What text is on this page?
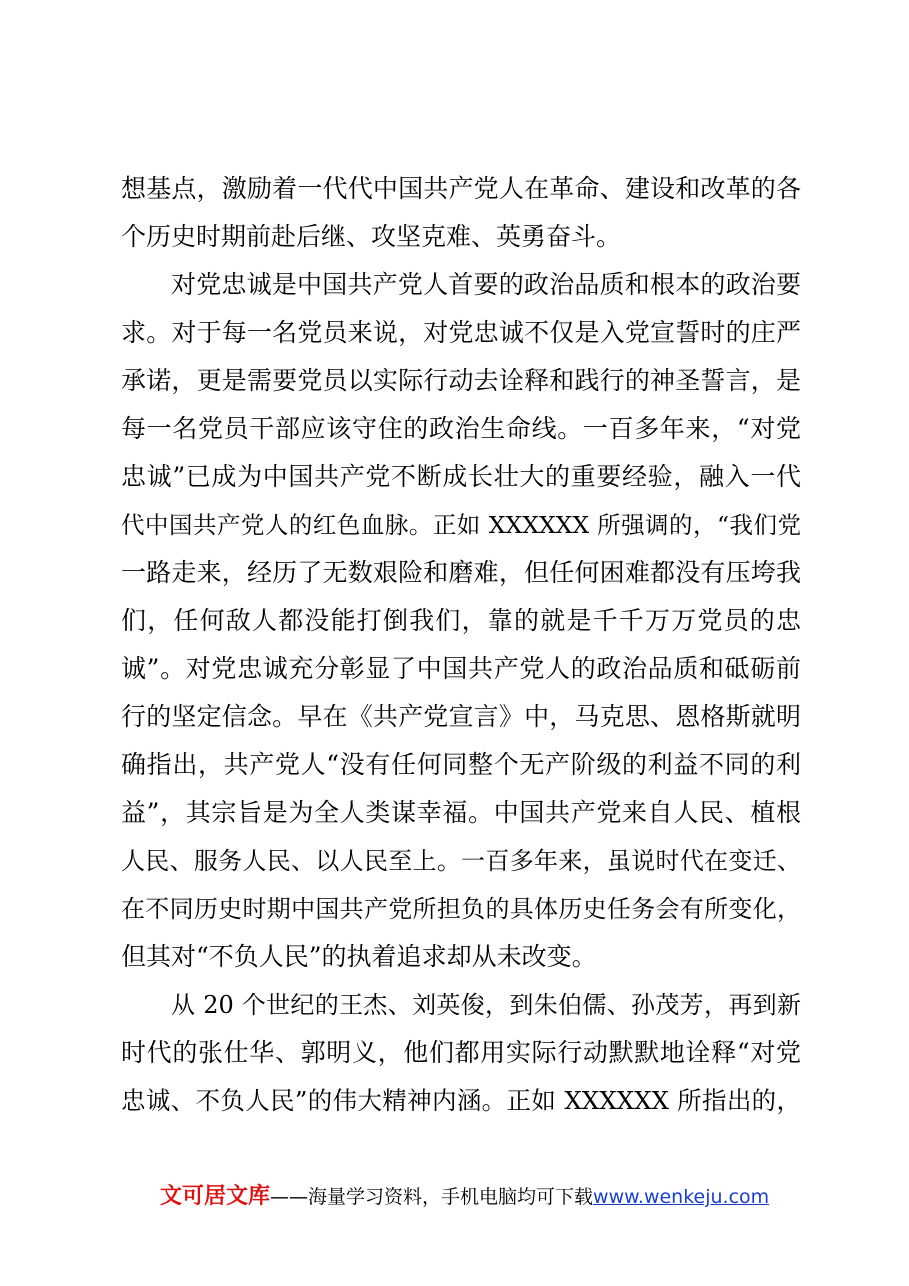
想基点，激励着一代代中国共产党人在革命、建设和改革的各
个历史时期前赴后继、攻坚克难、英勇奋斗。
对党忠诚是中国共产党人首要的政治品质和根本的政治要
求。对于每一名党员来说，对党忠诚不仅是入党宣誓时的庄严
承诺，更是需要党员以实际行动去诠释和践行的神圣誓言，是
每一名党员干部应该守住的政治生命线。一百多年来，“对党
忠诚”已成为中国共产党不断成长壮大的重要经验，融入一代
代中国共产党人的红色血脉。正如 XXXXXX 所强调的，“我们党
一路走来，经历了无数艰险和磨难，但任何困难都没有压垮我
们，任何敌人都没能打倒我们，靠的就是千千万万党员的忠
诚”。对党忠诚充分彰显了中国共产党人的政治品质和砥砺前
行的坚定信念。早在《共产党宣言》中，马克思、恩格斯就明
确指出，共产党人“没有任何同整个无产阶级的利益不同的利
益”，其宗旨是为全人类谋幸福。中国共产党来自人民、植根
人民、服务人民、以人民至上。一百多年来，虽说时代在变迁、
在不同历史时期中国共产党所担负的具体历史任务会有所变化，
但其对“不负人民”的执着追求却从未改变。
从 20 个世纪的王杰、刘英俊，到朱伯儒、孙茂芳，再到新
时代的张仕华、郭明义，他们都用实际行动默默地诠释“对党
忠诚、不负人民”的伟大精神内涵。正如 XXXXXX 所指出的，
文可居文库——海量学习资料，手机电脑均可下载www.wenkeju.com
